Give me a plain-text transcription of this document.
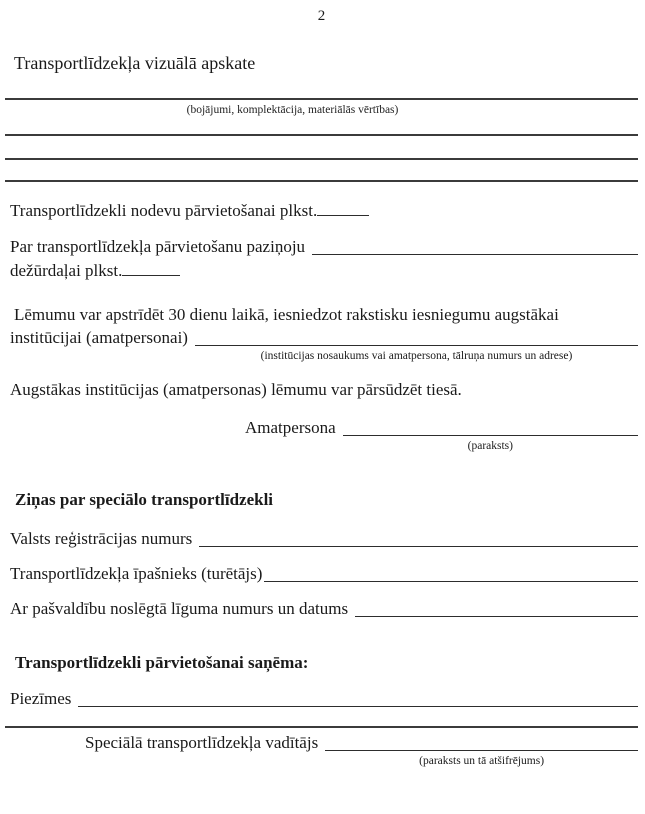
2
Transportlīdzekļa vizuālā apskate
(bojājumi, komplektācija, materiālās vērtības)
Transportlīdzekli nodevu pārvietošanai plkst.
Par transportlīdzekļa pārvietošanu paziņoju
dežūrdaļai plkst.
Lēmumu var apstrīdēt 30 dienu laikā, iesniedzot rakstisku iesniegumu augstākai
institūcijai (amatpersonai)
(institūcijas nosaukums vai amatpersona, tālruņa numurs un adrese)
Augstākas institūcijas (amatpersonas) lēmumu var pārsūdzēt tiesā.
Amatpersona
(paraksts)
Ziņas par speciālo transportlīdzekli
Valsts reģistrācijas numurs
Transportlīdzekļa īpašnieks (turētājs)
Ar pašvaldību noslēgtā līguma numurs un datums
Transportlīdzekli pārvietošanai saņēma:
Piezīmes
Speciālā transportlīdzekļa vadītājs
(paraksts un tā atšifrējums)
